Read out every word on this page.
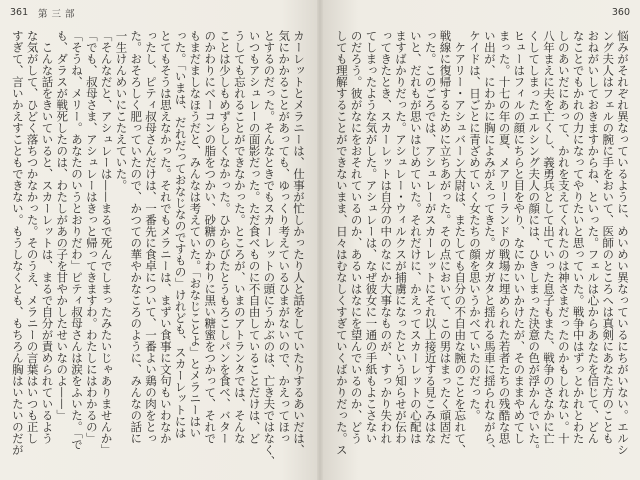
361 第三部

カーレットとメラニーは、仕事が忙しかったり人と話をしていたりするあいだは、

気にかかることがあっても、ゆっくり考えているひまがないので、かえってほっ

とするのだった。そんなときでもスカーレットの頭にうかぶのは、亡き夫ではなく、

いつもアシュレーの面影だった。ただ食べものに不自由していることだけは、ど

うしても忘れることができなかった。ところが、いまのアトランタでは、そんな

ことは少しもめずらしくなかった。ひからびたとうもろこしパンを食べ、バター

のかわりにベーコンの脂をつかい、砂糖のかわりに黒い糖蜜をつかって、それで

もまだましなほうだと、みんなは考えていた。「おなじことよ」とメラニーはい

った。「いまは、だれだっておなじなのですもの」けれども、スカーレットには

とてもそうは思えなかった。それでもメラニーは、まずい食事に文句もいわなか

ったし、ピティ叔母さんだけは、一番先に食卓について、一番よい鶏の肉をとっ

た。おそろしく肥っていたので、かつての華やかなころのように、みんなの話に

一生けんめいにこたえていた。

「そんなだと、アシュレーは——まるで死んでしまったみたいじゃありませんか」

「でも、叔母さま、アシュレーはきっと帰ってきますわ。わたしにはわかるの」

「そうね、メリー。あなたのいうとおりだわ」ピティ叔母さんは涙をふいた。「で

も、ダラスが戦死したのは、わたしがあの子を甘やかしたせいなのよ——」

　こんな話をきいていると、スカーレットは、まるで自分が責められているよう

な気がして、ひどく落ちつかなかった。そのうえ、メラニーの言葉はいつも正し

すぎて、言いかえすこともできない。もうしなくとも、もちろん胸はいたいのだが

360

悩みがそれぞれ異なっているように、めいめい異なっているにちがいない。エルシ

ング夫人はフェルの腕に手をおいて、医師のところへは真剣にあなた方のことも

おねがいしておきますからね、といった。フェルは心からあなたを信じて、どん

なことでもかれの力になってやりたいと思っていた。戦争中はずっとかれとわた

しのあいだにあって、かれを支えてくれたのは神さまだったのかもしれない。十

八年まえに夫を亡くし、義勇兵として出ていった息子もまた、戦争のさなかに亡

くしてしまったエルシング夫人の顔には、ひきしまった決意の色が浮かんでいた。

ヒューはフィルの顔にちらと目をやり、なにかいいかけたが、そのままやめてし

まった。十七の年の夏、メアリーランドの戦場に埋められた若者たちの残酷な思

い出が、にわかに胸によみがえってきた。ガタガタと揺れる馬車に揺られながら、

ケイドは、日ごとに青ざめていく女たちの顔を思いうかべていたのだった。

　ケアリー・アシュバーン大尉は、またしても自分の不自由な腕のことを忘れて、

戦線に復帰するために立ちあがった。その点において、この男はまったく頑固だ

った。このごろでは、アシュレーがスカーレットにそれ以上接近する見こみはな

いと、だれもが思いはじめていた。それだけに、かえってスカーレットの心配は

ますばかりだった。アシュレー・ウィルクスが捕虜になったという知らせが伝わ

ってきたとき、スカーレットは自分の中のなにか大事なものが、すっかり失われ

てしまったような気がした。アシュレーは、なぜ彼女に一通の手紙もよこさない

のだろう。彼がなにをおそれているのか、あるいはなにを望んでいるのか、どう

しても理解することができないまま、日々はむなしくすぎていくばかりだった。ス
